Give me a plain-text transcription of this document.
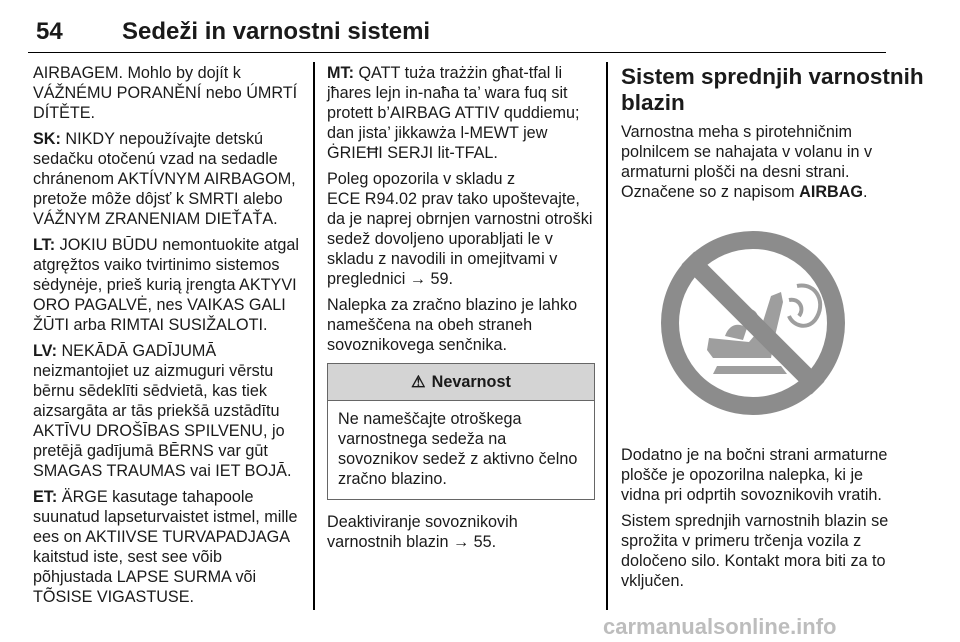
54 Sedeži in varnostni sistemi

AIRBAGEM. Mohlo by dojít k
VÁŽNÉMU PORANĚNÍ nebo ÚMRTÍ
DÍTĚTE.

SK: NIKDY nepoužívajte detskú
sedačku otočenú vzad na sedadle
chránenom AKTÍVNYM AIRBAGOM,
pretože môže dôjsť k SMRTI alebo
VÁŽNYM ZRANENIAM DIEŤAŤA.

LT: JOKIU BŪDU nemontuokite atgal
atgręžtos vaiko tvirtinimo sistemos
sėdynėje, prieš kurią įrengta AKTYVI
ORO PAGALVĖ, nes VAIKAS GALI
ŽŪTI arba RIMTAI SUSIŽALOTI.

LV: NEKĀDĀ GADĪJUMĀ
neizmantojiet uz aizmuguri vērstu
bērnu sēdeklīti sēdvietā, kas tiek
aizsargāta ar tās priekšā uzstādītu
AKTĪVU DROŠĪBAS SPILVENU, jo
pretējā gadījumā BĒRNS var gūt
SMAGAS TRAUMAS vai IET BOJĀ.

ET: ÄRGE kasutage tahapoole
suunatud lapseturvaistet istmel, mille
ees on AKTIIVSE TURVAPADJAGA
kaitstud iste, sest see võib
põhjustada LAPSE SURMA või
TÕSISE VIGASTUSE.

MT: QATT tuża trażżin għat-tfal li
jħares lejn in-naħa ta’ wara fuq sit
protett b’AIRBAG ATTIV quddiemu;
dan jista’ jikkawża l-MEWT jew
ĠRIEĦI SERJI lit-TFAL.

Poleg opozorila v skladu z
ECE R94.02 prav tako upoštevajte,
da je naprej obrnjen varnostni otroški
sedež dovoljeno uporabljati le v
skladu z navodili in omejitvami v
preglednici → 59.

Nalepka za zračno blazino je lahko
nameščena na obeh straneh
sovoznikovega senčnika.

⚠ Nevarnost
Ne nameščajte otroškega
varnostnega sedeža na
sovoznikov sedež z aktivno čelno
zračno blazino.

Deaktiviranje sovoznikovih
varnostnih blazin → 55.

Sistem sprednjih varnostnih
blazin

Varnostna meha s pirotehničnim
polnilcem se nahajata v volanu in v
armaturni plošči na desni strani.
Označene so z napisom AIRBAG.

Dodatno je na bočni strani armaturne
plošče je opozorilna nalepka, ki je
vidna pri odprtih sovoznikovih vratih.

Sistem sprednjih varnostnih blazin se
sprožita v primeru trčenja vozila z
določeno silo. Kontakt mora biti za to
vključen.

carmanualsonline.info
